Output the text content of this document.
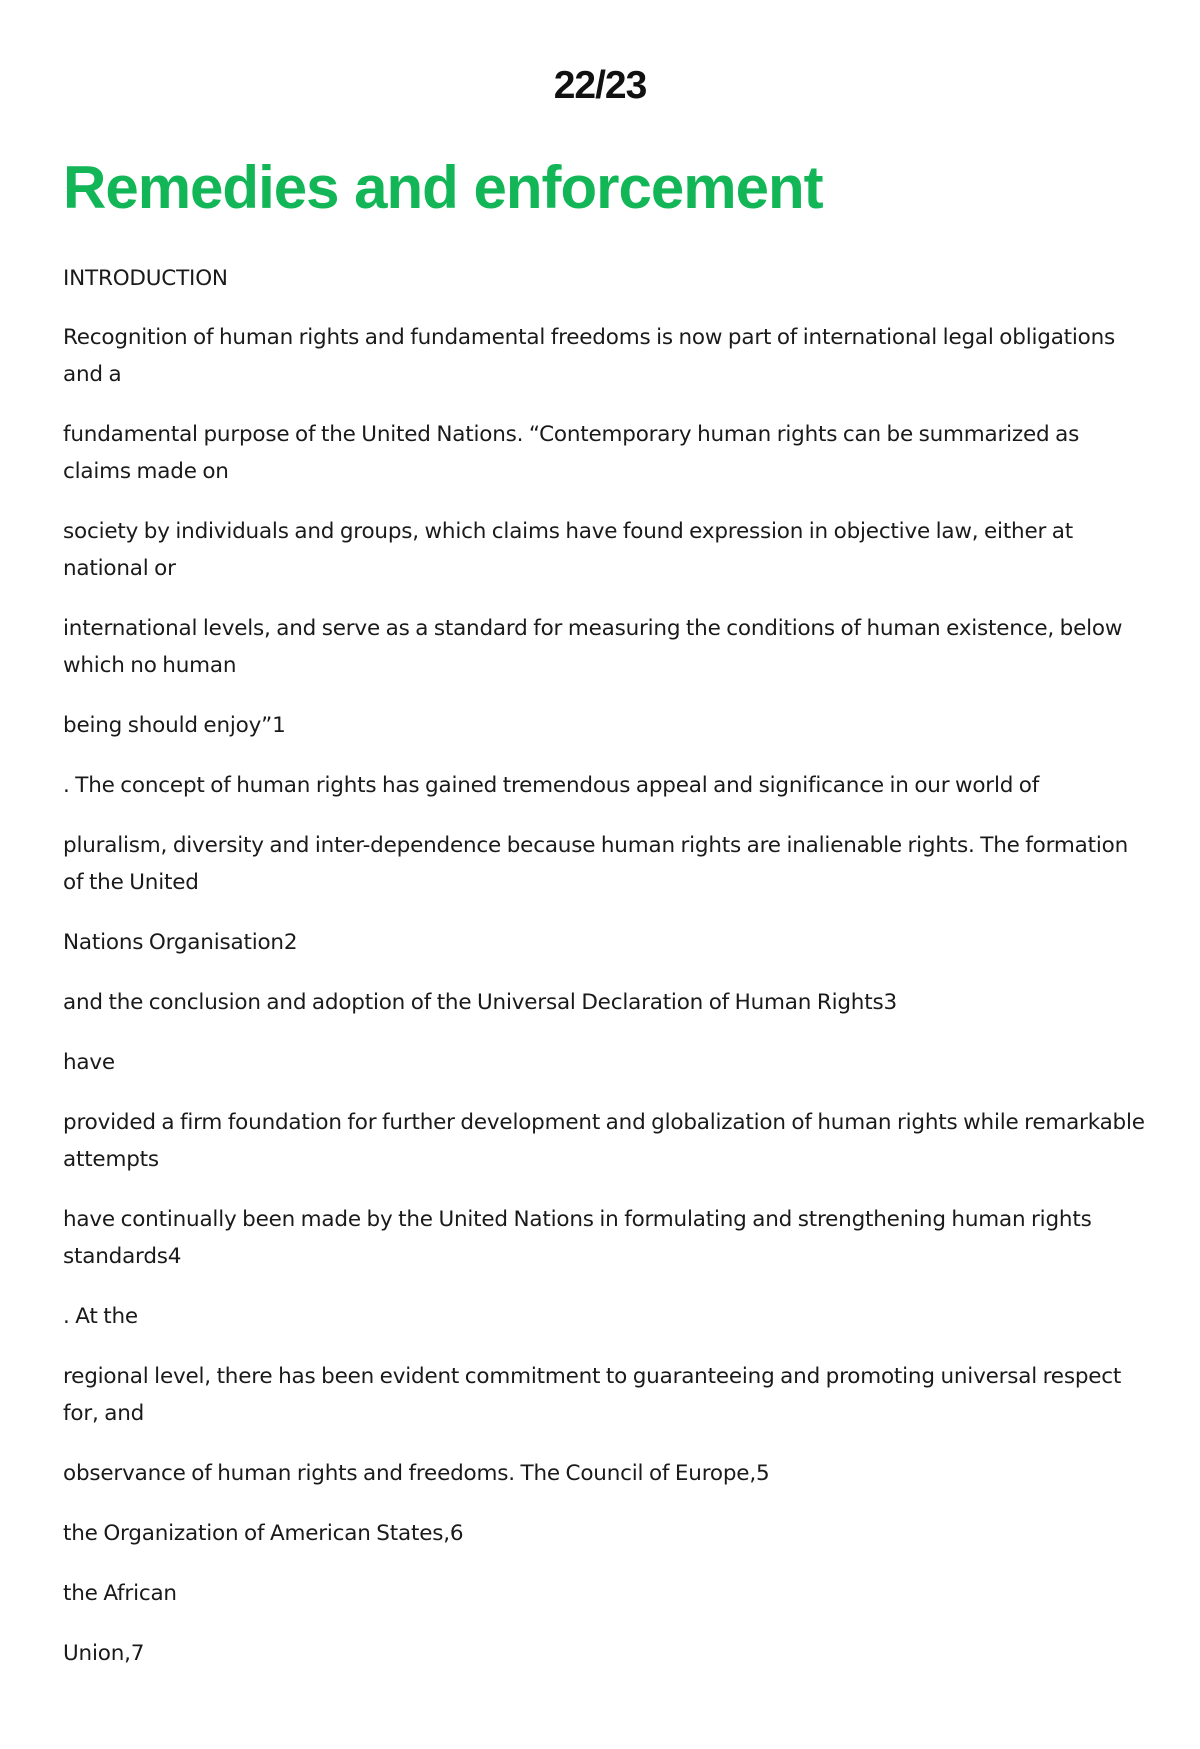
22/23
Remedies and enforcement

INTRODUCTION

Recognition of human rights and fundamental freedoms is now part of international legal obligations and a

fundamental purpose of the United Nations. “Contemporary human rights can be summarized as claims made on

society by individuals and groups, which claims have found expression in objective law, either at national or

international levels, and serve as a standard for measuring the conditions of human existence, below which no human

being should enjoy”1

. The concept of human rights has gained tremendous appeal and significance in our world of

pluralism, diversity and inter-dependence because human rights are inalienable rights. The formation of the United

Nations Organisation2

and the conclusion and adoption of the Universal Declaration of Human Rights3

have

provided a firm foundation for further development and globalization of human rights while remarkable attempts

have continually been made by the United Nations in formulating and strengthening human rights standards4

. At the

regional level, there has been evident commitment to guaranteeing and promoting universal respect for, and

observance of human rights and freedoms. The Council of Europe,5

the Organization of American States,6

the African

Union,7
